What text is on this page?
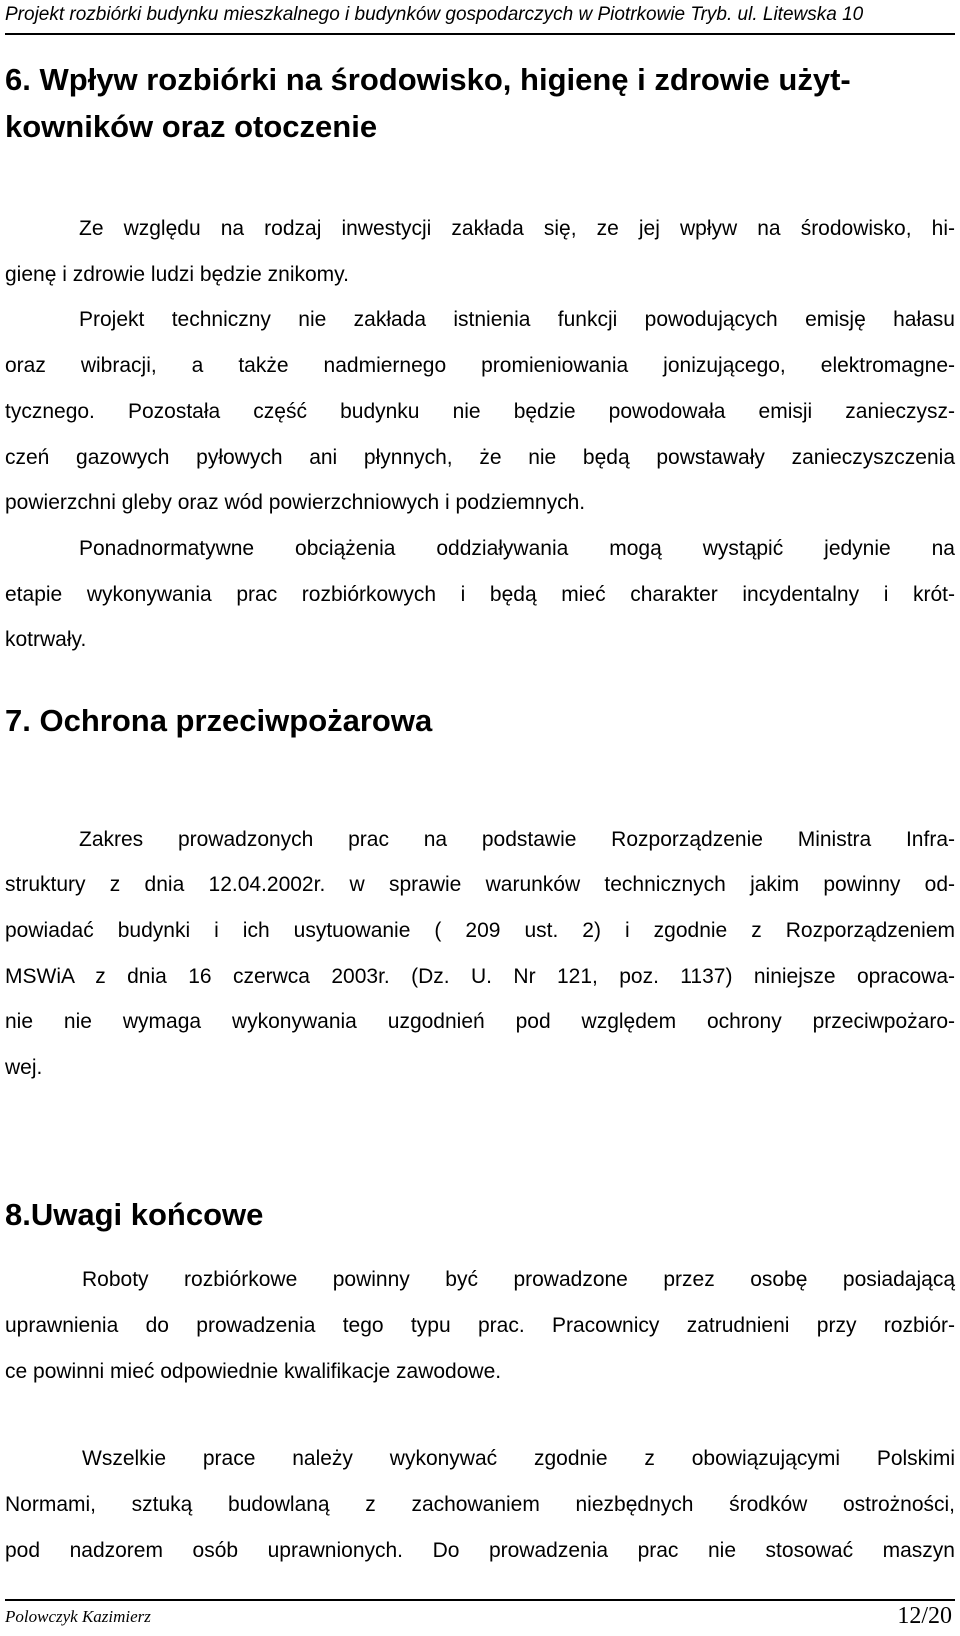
Projekt rozbiórki budynku mieszkalnego i budynków gospodarczych w Piotrkowie Tryb. ul. Litewska 10
6. Wpływ rozbiórki na środowisko, higienę i zdrowie użyt-
kowników oraz otoczenie
Ze względu na rodzaj inwestycji zakłada się, ze jej wpływ na środowisko, hi-
gienę i zdrowie ludzi będzie znikomy.
Projekt techniczny nie zakłada istnienia funkcji powodujących emisję hałasu
oraz wibracji, a także nadmiernego promieniowania jonizującego, elektromagne-
tycznego. Pozostała część budynku nie będzie powodowała emisji zanieczysz-
czeń gazowych pyłowych ani płynnych, że nie będą powstawały zanieczyszczenia
powierzchni gleby oraz wód powierzchniowych i podziemnych.
Ponadnormatywne obciążenia oddziaływania mogą wystąpić jedynie na
etapie wykonywania prac rozbiórkowych i będą mieć charakter incydentalny i krót-
kotrwały.
7. Ochrona przeciwpożarowa
Zakres prowadzonych prac na podstawie Rozporządzenie Ministra Infra-
struktury z dnia 12.04.2002r. w sprawie warunków technicznych jakim powinny od-
powiadać budynki i ich usytuowanie ( 209 ust. 2) i zgodnie z Rozporządzeniem
MSWiA z dnia 16 czerwca 2003r. (Dz. U. Nr 121, poz. 1137) niniejsze opracowa-
nie nie wymaga wykonywania uzgodnień pod względem ochrony przeciwpożaro-
wej.
8.Uwagi końcowe
Roboty rozbiórkowe powinny być prowadzone przez osobę posiadającą
uprawnienia do prowadzenia tego typu prac. Pracownicy zatrudnieni przy rozbiór-
ce powinni mieć odpowiednie kwalifikacje zawodowe.
Wszelkie prace należy wykonywać zgodnie z obowiązującymi Polskimi
Normami, sztuką budowlaną z zachowaniem niezbędnych środków ostrożności,
pod nadzorem osób uprawnionych. Do prowadzenia prac nie stosować maszyn
Polowczyk Kazimierz	12/20
